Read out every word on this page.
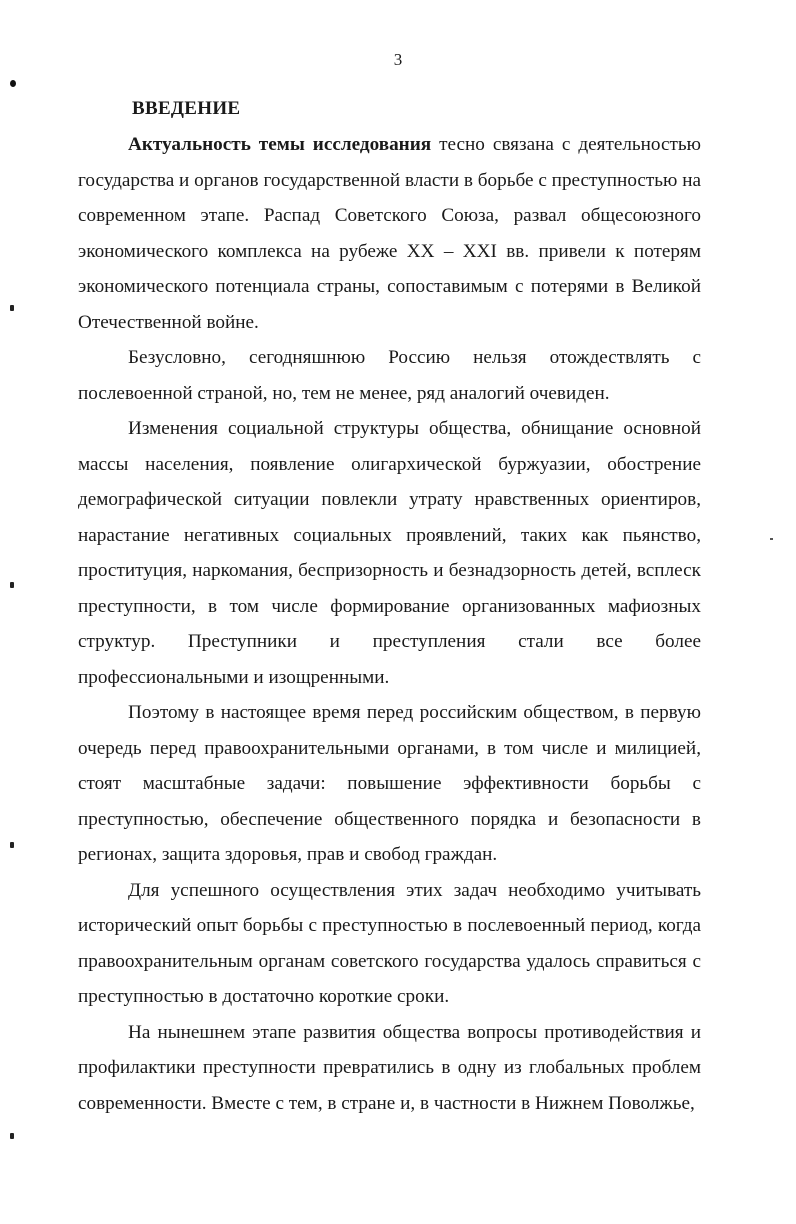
3
ВВЕДЕНИЕ

Актуальность темы исследования тесно связана с деятельностью государства и органов государственной власти в борьбе с преступностью на современном этапе. Распад Советского Союза, развал общесоюзного экономического комплекса на рубеже XX – XXI вв. привели к потерям экономического потенциала страны, сопоставимым с потерями в Великой Отечественной войне.

Безусловно, сегодняшнюю Россию нельзя отождествлять с послевоенной страной, но, тем не менее, ряд аналогий очевиден.

Изменения социальной структуры общества, обнищание основной массы населения, появление олигархической буржуазии, обострение демографической ситуации повлекли утрату нравственных ориентиров, нарастание негативных социальных проявлений, таких как пьянство, проституция, наркомания, беспризорность и безнадзорность детей, всплеск преступности, в том числе формирование организованных мафиозных структур. Преступники и преступления стали все более профессиональными и изощренными.

Поэтому в настоящее время перед российским обществом, в первую очередь перед правоохранительными органами, в том числе и милицией, стоят масштабные задачи: повышение эффективности борьбы с преступностью, обеспечение общественного порядка и безопасности в регионах, защита здоровья, прав и свобод граждан.

Для успешного осуществления этих задач необходимо учитывать исторический опыт борьбы с преступностью в послевоенный период, когда правоохранительным органам советского государства удалось справиться с преступностью в достаточно короткие сроки.

На нынешнем этапе развития общества вопросы противодействия и профилактики преступности превратились в одну из глобальных проблем современности. Вместе с тем, в стране и, в частности в Нижнем Поволжье,
